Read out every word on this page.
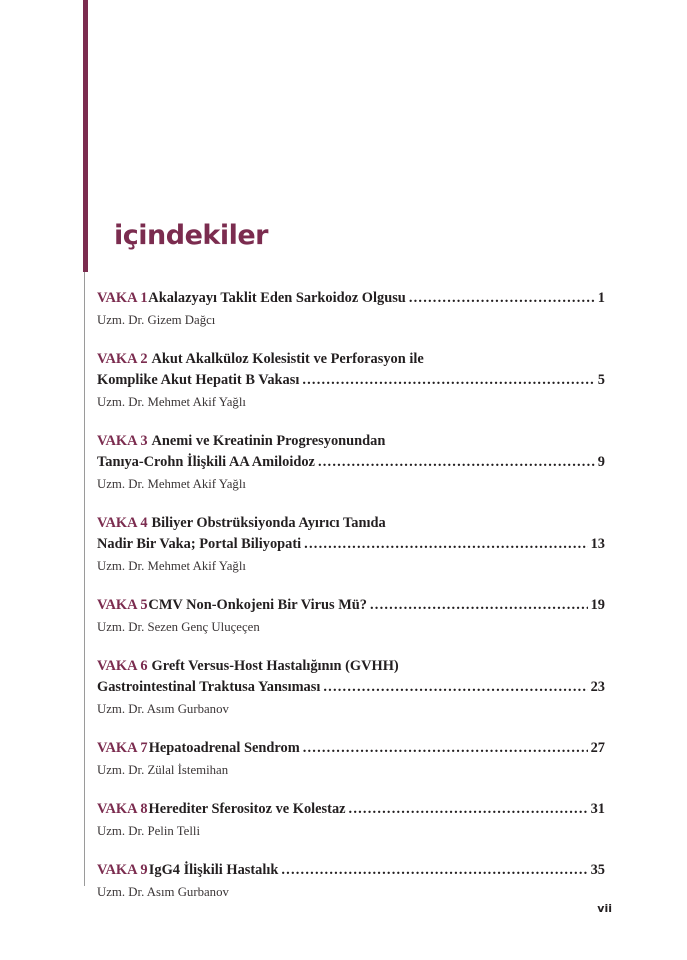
içindekiler
VAKA 1 Akalazyayı Taklit Eden Sarkoidoz Olgusu .....	1
Uzm. Dr. Gizem Dağcı
VAKA 2 Akut Akalküloz Kolesistit ve Perforasyon ile
Komplike Akut Hepatit B Vakası .....	5
Uzm. Dr. Mehmet Akif Yağlı
VAKA 3 Anemi ve Kreatinin Progresyonundan
Tanıya-Crohn İlişkili AA Amiloidoz .....	9
Uzm. Dr. Mehmet Akif Yağlı
VAKA 4 Biliyer Obstrüksiyonda Ayırıcı Tanıda
Nadir Bir Vaka; Portal Biliyopati .....	13
Uzm. Dr. Mehmet Akif Yağlı
VAKA 5 CMV Non-Onkojeni Bir Virus Mü? .....	19
Uzm. Dr. Sezen Genç Uluçeçen
VAKA 6 Greft Versus-Host Hastalığının (GVHH)
Gastrointestinal Traktusa Yansıması .....	23
Uzm. Dr. Asım Gurbanov
VAKA 7 Hepatoadrenal Sendrom .....	27
Uzm. Dr. Zülal İstemihan
VAKA 8 Herediter Sferositoz ve Kolestaz .....	31
Uzm. Dr. Pelin Telli
VAKA 9 IgG4 İlişkili Hastalık .....	35
Uzm. Dr. Asım Gurbanov
vii
